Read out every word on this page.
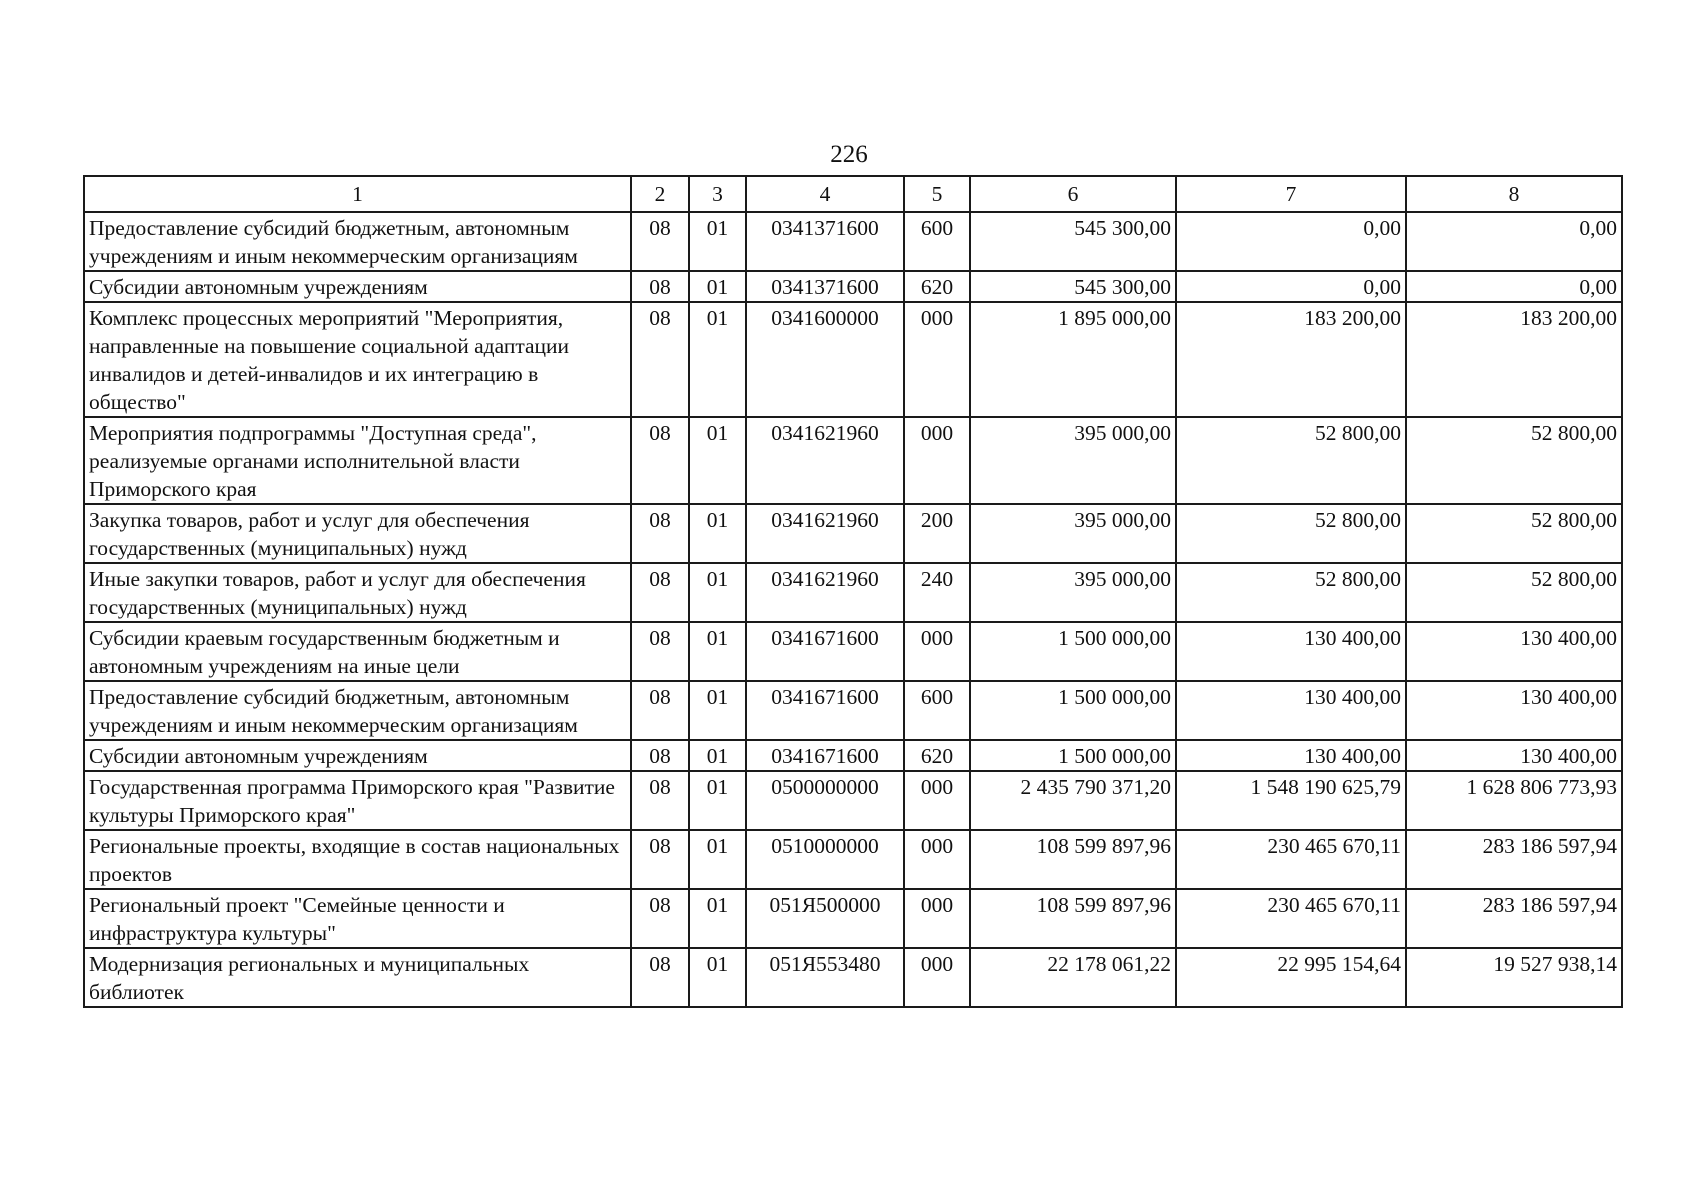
226
1	2	3	4	5	6	7	8
Предоставление субсидий бюджетным, автономным учреждениям и иным некоммерческим организациям	08	01	0341371600	600	545 300,00	0,00	0,00
Субсидии автономным учреждениям	08	01	0341371600	620	545 300,00	0,00	0,00
Комплекс процессных мероприятий "Мероприятия, направленные на повышение социальной адаптации инвалидов и детей-инвалидов и их интеграцию в общество"	08	01	0341600000	000	1 895 000,00	183 200,00	183 200,00
Мероприятия подпрограммы "Доступная среда", реализуемые органами исполнительной власти Приморского края	08	01	0341621960	000	395 000,00	52 800,00	52 800,00
Закупка товаров, работ и услуг для обеспечения государственных (муниципальных) нужд	08	01	0341621960	200	395 000,00	52 800,00	52 800,00
Иные закупки товаров, работ и услуг для обеспечения государственных (муниципальных) нужд	08	01	0341621960	240	395 000,00	52 800,00	52 800,00
Субсидии краевым государственным бюджетным и автономным учреждениям на иные цели	08	01	0341671600	000	1 500 000,00	130 400,00	130 400,00
Предоставление субсидий бюджетным, автономным учреждениям и иным некоммерческим организациям	08	01	0341671600	600	1 500 000,00	130 400,00	130 400,00
Субсидии автономным учреждениям	08	01	0341671600	620	1 500 000,00	130 400,00	130 400,00
Государственная программа Приморского края "Развитие культуры Приморского края"	08	01	0500000000	000	2 435 790 371,20	1 548 190 625,79	1 628 806 773,93
Региональные проекты, входящие в состав национальных проектов	08	01	0510000000	000	108 599 897,96	230 465 670,11	283 186 597,94
Региональный проект "Семейные ценности и инфраструктура культуры"	08	01	051Я500000	000	108 599 897,96	230 465 670,11	283 186 597,94
Модернизация региональных и муниципальных библиотек	08	01	051Я553480	000	22 178 061,22	22 995 154,64	19 527 938,14
